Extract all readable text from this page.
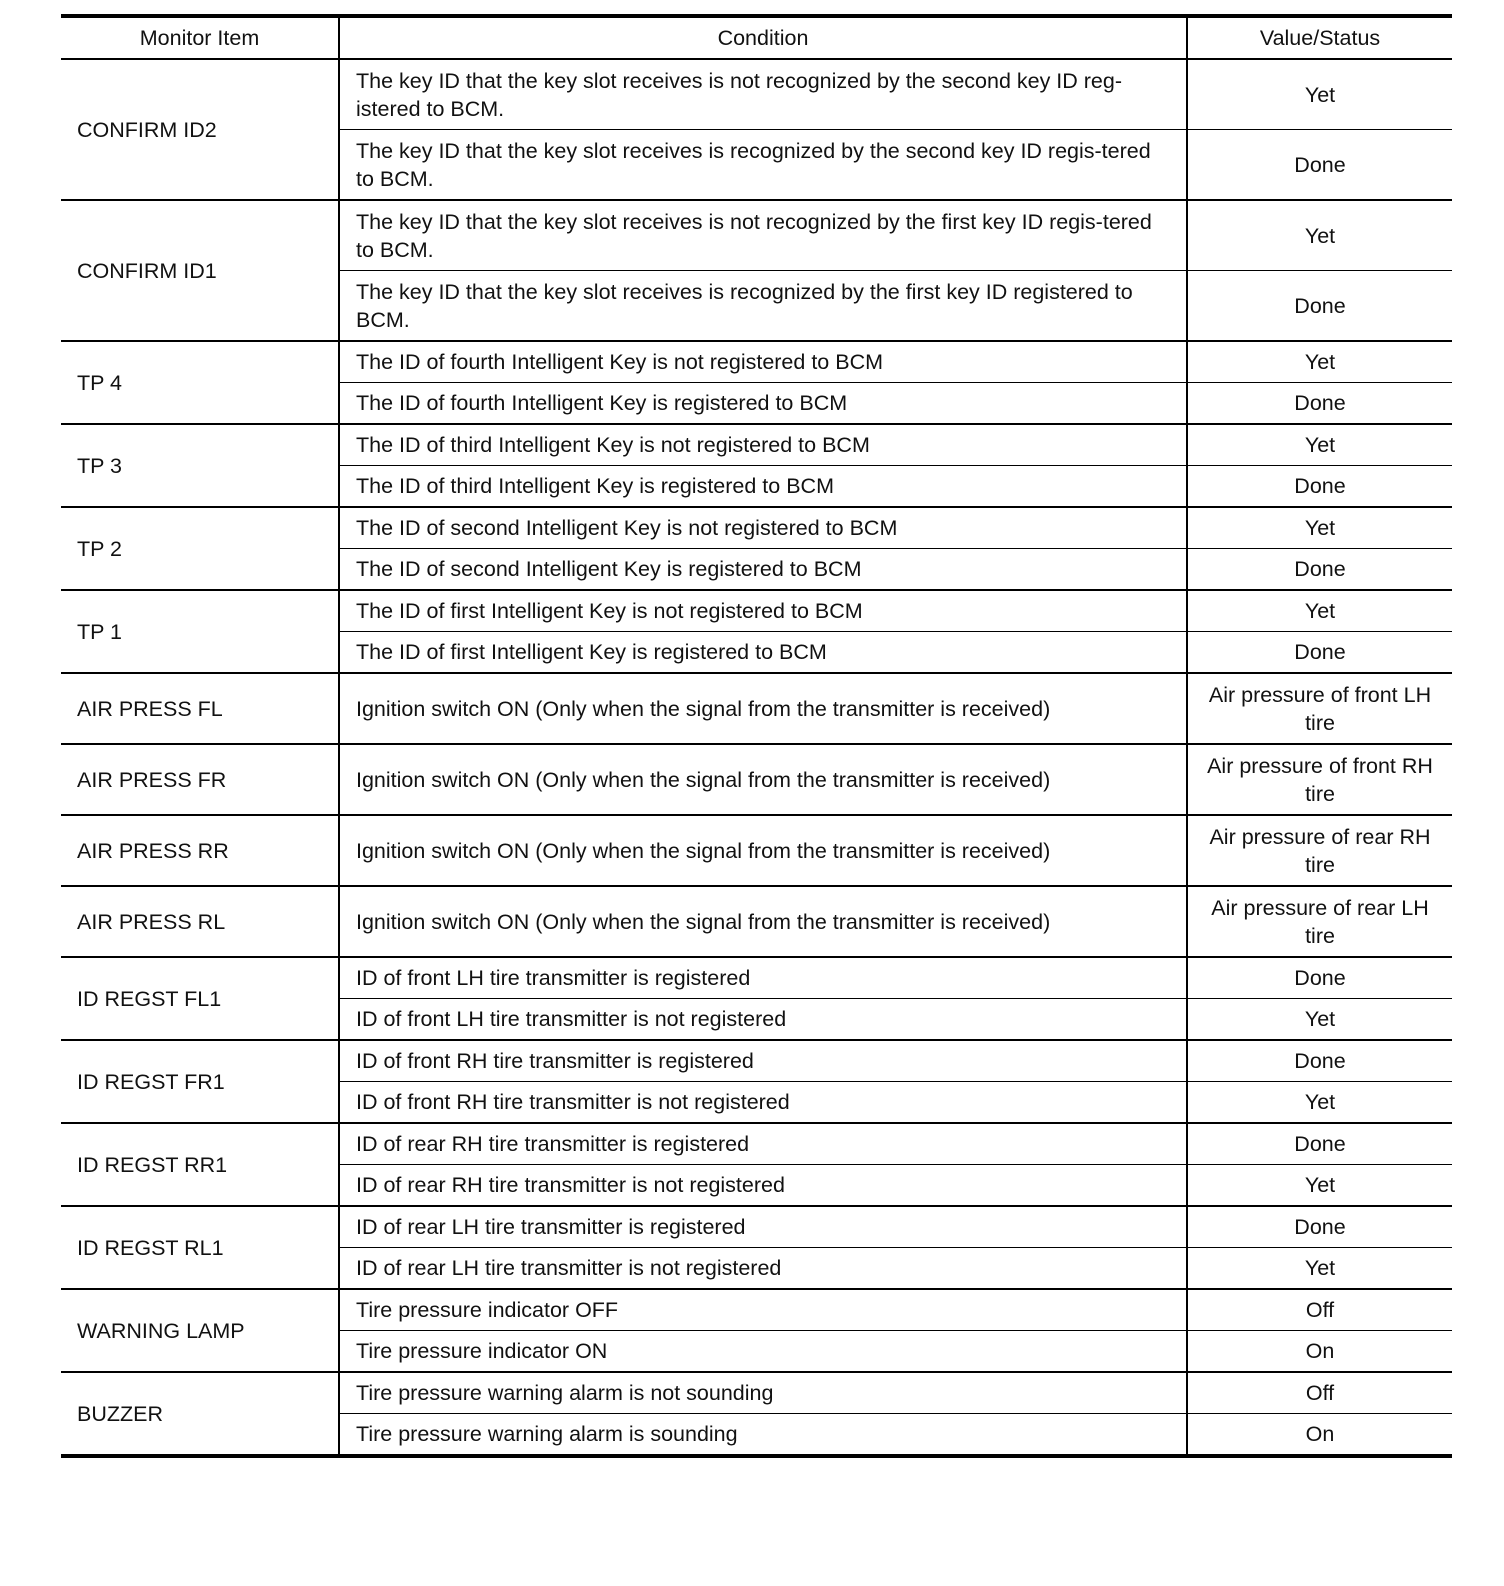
Monitor Item	Condition	Value/Status
CONFIRM ID2	The key ID that the key slot receives is not recognized by the second key ID reg-istered to BCM.	Yet
	The key ID that the key slot receives is recognized by the second key ID regis-tered to BCM.	Done
CONFIRM ID1	The key ID that the key slot receives is not recognized by the first key ID regis-tered to BCM.	Yet
	The key ID that the key slot receives is recognized by the first key ID registered to BCM.	Done
TP 4	The ID of fourth Intelligent Key is not registered to BCM	Yet
	The ID of fourth Intelligent Key is registered to BCM	Done
TP 3	The ID of third Intelligent Key is not registered to BCM	Yet
	The ID of third Intelligent Key is registered to BCM	Done
TP 2	The ID of second Intelligent Key is not registered to BCM	Yet
	The ID of second Intelligent Key is registered to BCM	Done
TP 1	The ID of first Intelligent Key is not registered to BCM	Yet
	The ID of first Intelligent Key is registered to BCM	Done
AIR PRESS FL	Ignition switch ON (Only when the signal from the transmitter is received)	Air pressure of front LH tire
AIR PRESS FR	Ignition switch ON (Only when the signal from the transmitter is received)	Air pressure of front RH tire
AIR PRESS RR	Ignition switch ON (Only when the signal from the transmitter is received)	Air pressure of rear RH tire
AIR PRESS RL	Ignition switch ON (Only when the signal from the transmitter is received)	Air pressure of rear LH tire
ID REGST FL1	ID of front LH tire transmitter is registered	Done
	ID of front LH tire transmitter is not registered	Yet
ID REGST FR1	ID of front RH tire transmitter is registered	Done
	ID of front RH tire transmitter is not registered	Yet
ID REGST RR1	ID of rear RH tire transmitter is registered	Done
	ID of rear RH tire transmitter is not registered	Yet
ID REGST RL1	ID of rear LH tire transmitter is registered	Done
	ID of rear LH tire transmitter is not registered	Yet
WARNING LAMP	Tire pressure indicator OFF	Off
	Tire pressure indicator ON	On
BUZZER	Tire pressure warning alarm is not sounding	Off
	Tire pressure warning alarm is sounding	On
